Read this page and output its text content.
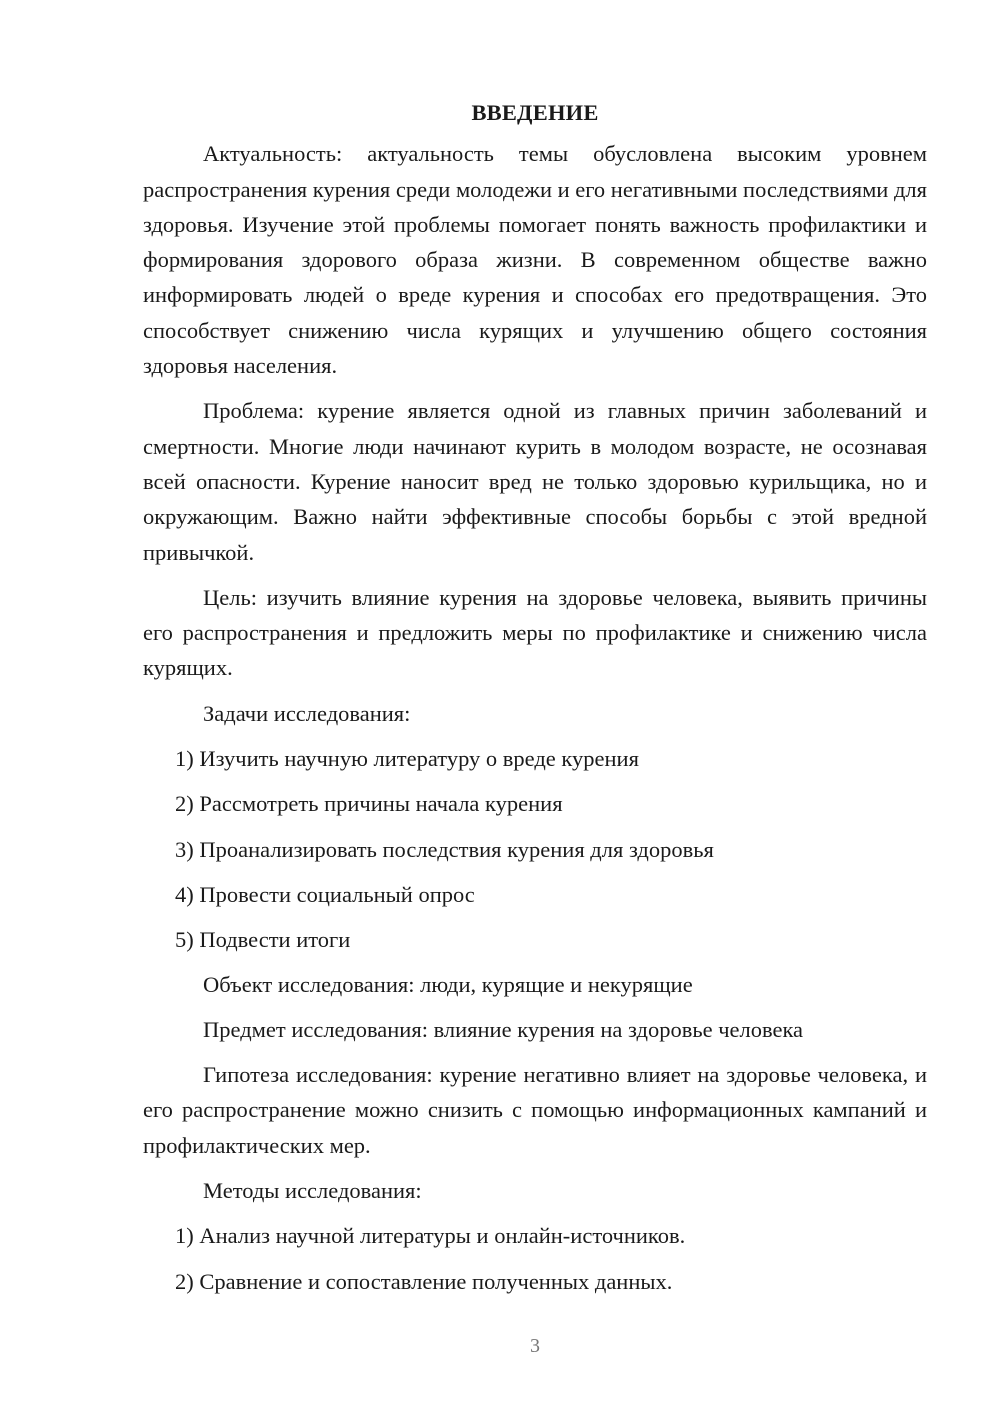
ВВЕДЕНИЕ

Актуальность: актуальность темы обусловлена высоким уровнем распространения курения среди молодежи и его негативными последствиями для здоровья. Изучение этой проблемы помогает понять важность профилактики и формирования здорового образа жизни. В современном обществе важно информировать людей о вреде курения и способах его предотвращения. Это способствует снижению числа курящих и улучшению общего состояния здоровья населения.

Проблема: курение является одной из главных причин заболеваний и смертности. Многие люди начинают курить в молодом возрасте, не осознавая всей опасности. Курение наносит вред не только здоровью курильщика, но и окружающим. Важно найти эффективные способы борьбы с этой вредной привычкой.

Цель: изучить влияние курения на здоровье человека, выявить причины его распространения и предложить меры по профилактике и снижению числа курящих.

Задачи исследования:

1) Изучить научную литературу о вреде курения

2) Рассмотреть причины начала курения

3) Проанализировать последствия курения для здоровья

4) Провести социальный опрос

5) Подвести итоги

Объект исследования: люди, курящие и некурящие

Предмет исследования: влияние курения на здоровье человека

Гипотеза исследования: курение негативно влияет на здоровье человека, и его распространение можно снизить с помощью информационных кампаний и профилактических мер.

Методы исследования:

1) Анализ научной литературы и онлайн-источников.

2) Сравнение и сопоставление полученных данных.

3
